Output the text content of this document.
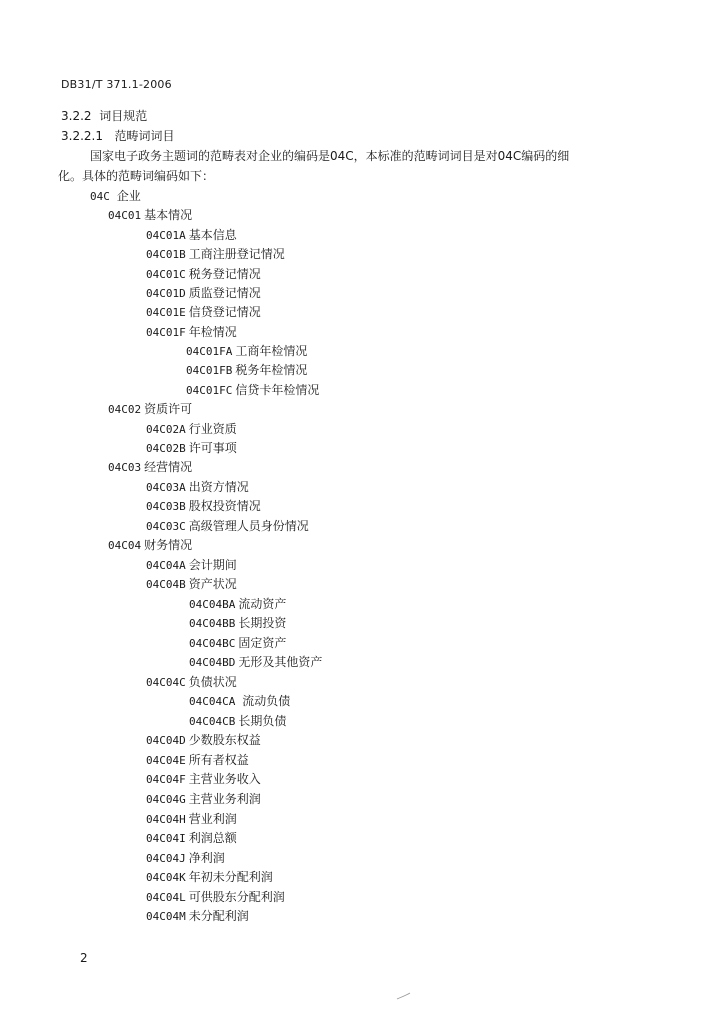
DB31/T 371.1-2006
3.2.2 词目规范
3.2.2.1 范畴词词目
国家电子政务主题词的范畴表对企业的编码是04C，本标准的范畴词词目是对04C编码的细
化。具体的范畴词编码如下：
04C 企业
04C01 基本情况
04C01A 基本信息
04C01B 工商注册登记情况
04C01C 税务登记情况
04C01D 质监登记情况
04C01E 信贷登记情况
04C01F 年检情况
04C01FA 工商年检情况
04C01FB 税务年检情况
04C01FC 信贷卡年检情况
04C02 资质许可
04C02A 行业资质
04C02B 许可事项
04C03 经营情况
04C03A 出资方情况
04C03B 股权投资情况
04C03C 高级管理人员身份情况
04C04 财务情况
04C04A 会计期间
04C04B 资产状况
04C04BA 流动资产
04C04BB 长期投资
04C04BC 固定资产
04C04BD 无形及其他资产
04C04C 负债状况
04C04CA 流动负债
04C04CB 长期负债
04C04D 少数股东权益
04C04E 所有者权益
04C04F 主营业务收入
04C04G 主营业务利润
04C04H 营业利润
04C04I 利润总额
04C04J 净利润
04C04K 年初未分配利润
04C04L 可供股东分配利润
04C04M 未分配利润
2
